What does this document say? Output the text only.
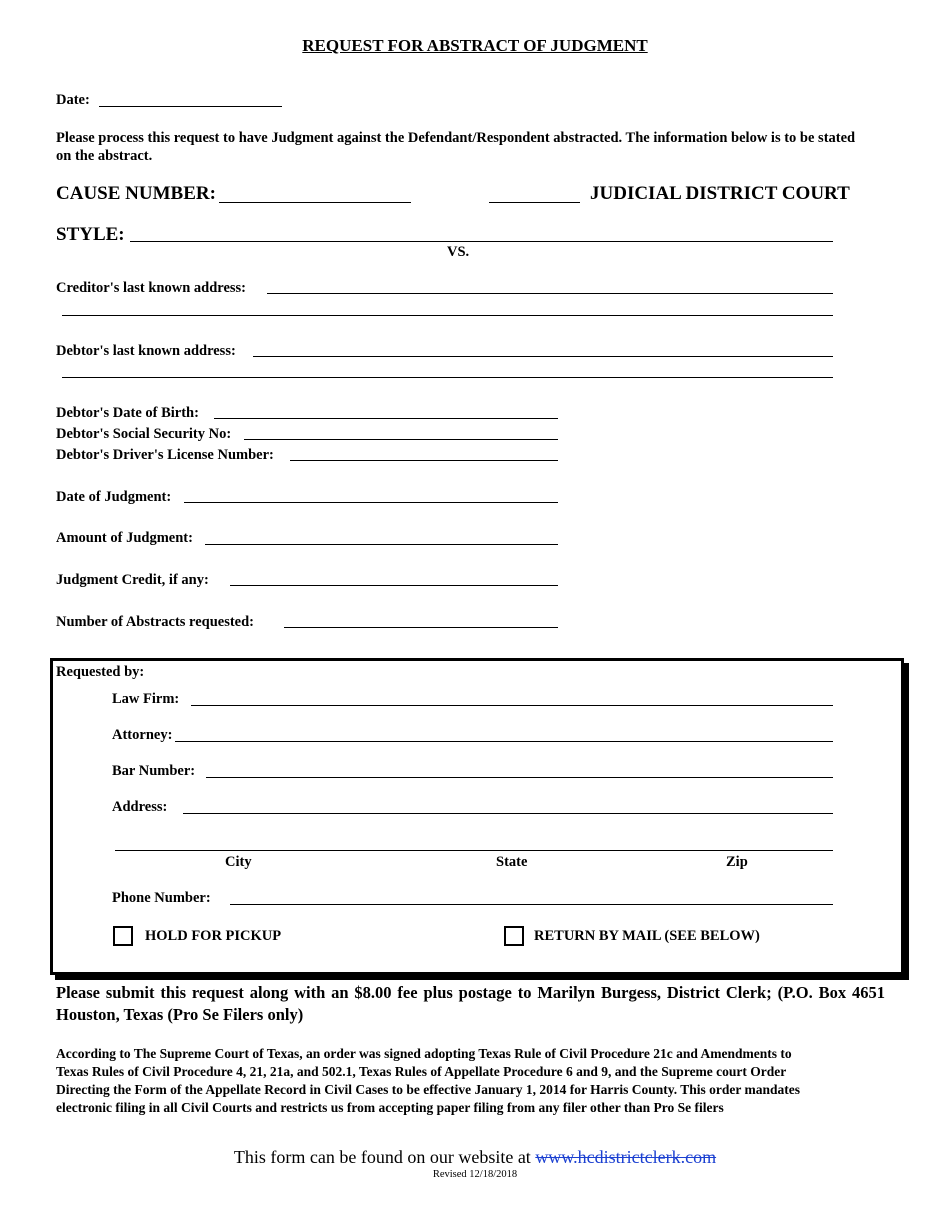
REQUEST FOR ABSTRACT OF JUDGMENT
Date:
Please process this request to have Judgment against the Defendant/Respondent abstracted. The information below is to be stated
on the abstract.
CAUSE NUMBER:	JUDICIAL DISTRICT COURT
STYLE:
VS.
Creditor's last known address:
Debtor's last known address:
Debtor's Date of Birth:
Debtor's Social Security No:
Debtor's Driver's License Number:
Date of Judgment:
Amount of Judgment:
Judgment Credit, if any:
Number of Abstracts requested:
Requested by:
Law Firm:
Attorney:
Bar Number:
Address:
City	State	Zip
Phone Number:
HOLD FOR PICKUP	RETURN BY MAIL (SEE BELOW)
Please submit this request along with an $8.00 fee plus postage to Marilyn Burgess, District Clerk; (P.O. Box 4651 Houston, Texas (Pro Se Filers only)
According to The Supreme Court of Texas, an order was signed adopting Texas Rule of Civil Procedure 21c and Amendments to
Texas Rules of Civil Procedure 4, 21, 21a, and 502.1, Texas Rules of Appellate Procedure 6 and 9, and the Supreme court Order
Directing the Form of the Appellate Record in Civil Cases to be effective January 1, 2014 for Harris County. This order mandates
electronic filing in all Civil Courts and restricts us from accepting paper filing from any filer other than Pro Se filers
This form can be found on our website at www.hcdistrictclerk.com
Revised 12/18/2018
